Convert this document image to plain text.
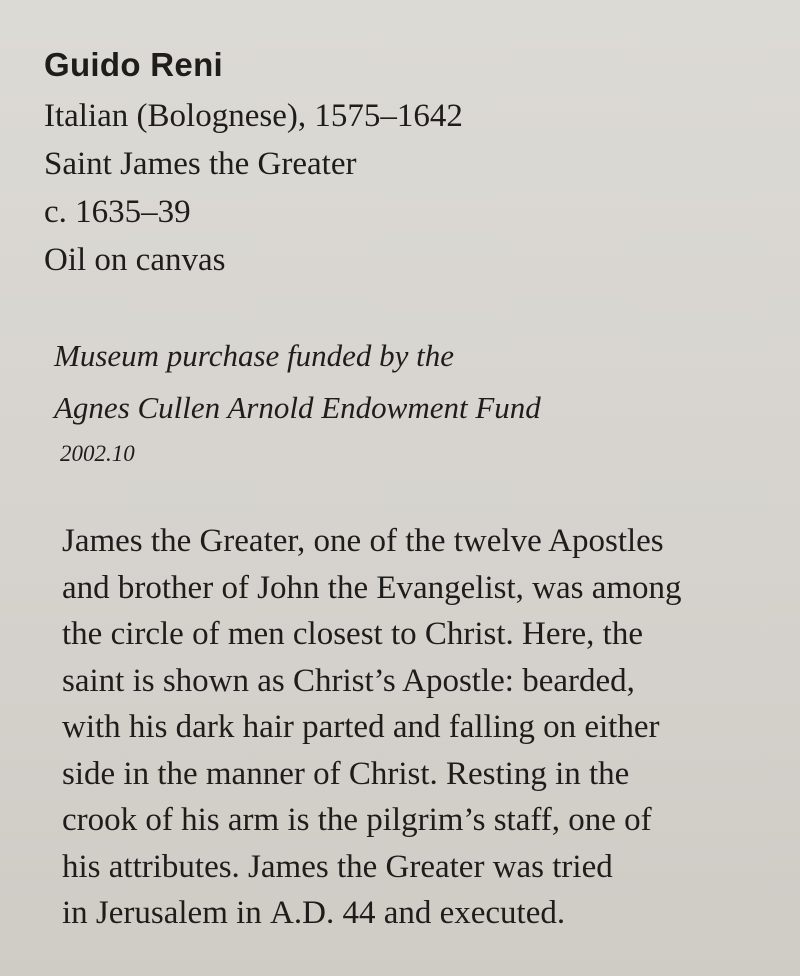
Guido Reni
Italian (Bolognese), 1575–1642
Saint James the Greater
c. 1635–39
Oil on canvas
Museum purchase funded by the
Agnes Cullen Arnold Endowment Fund
2002.10
James the Greater, one of the twelve Apostles
and brother of John the Evangelist, was among
the circle of men closest to Christ. Here, the
saint is shown as Christ’s Apostle: bearded,
with his dark hair parted and falling on either
side in the manner of Christ. Resting in the
crook of his arm is the pilgrim’s staff, one of
his attributes. James the Greater was tried
in Jerusalem in A.D. 44 and executed.
